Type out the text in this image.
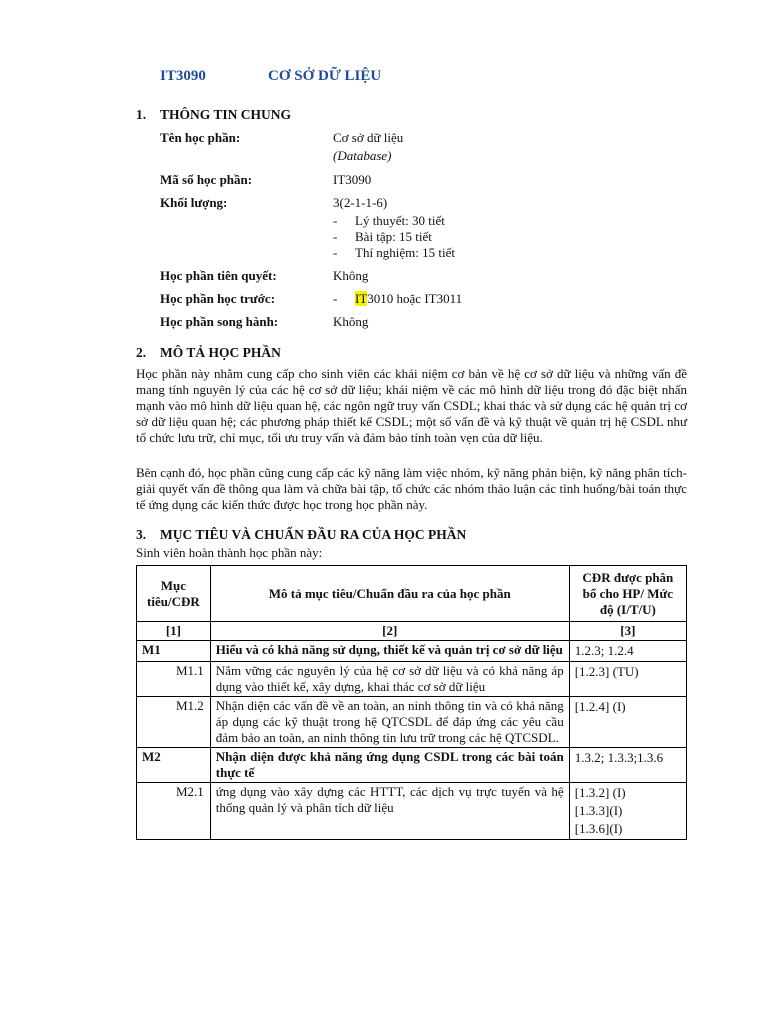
IT3090	CƠ SỞ DỮ LIỆU
1. THÔNG TIN CHUNG
Tên học phần:	Cơ sở dữ liệu
(Database)
Mã số học phần:	IT3090
Khối lượng:	3(2-1-1-6)
- Lý thuyết: 30 tiết
- Bài tập: 15 tiết
- Thí nghiệm: 15 tiết
Học phần tiên quyết:	Không
Học phần học trước:	- IT3010 hoặc IT3011
Học phần song hành:	Không
2. MÔ TẢ HỌC PHẦN
Học phần này nhằm cung cấp cho sinh viên các khái niệm cơ bản về hệ cơ sở dữ liệu và những vấn đề mang tính nguyên lý của các hệ cơ sở dữ liệu; khái niệm về các mô hình dữ liệu trong đó đặc biệt nhấn mạnh vào mô hình dữ liệu quan hệ, các ngôn ngữ truy vấn CSDL; khai thác và sử dụng các hệ quản trị cơ sở dữ liệu quan hệ; các phương pháp thiết kế CSDL; một số vấn đề và kỹ thuật về quản trị hệ CSDL như tổ chức lưu trữ, chỉ mục, tối ưu truy vấn và đảm bảo tính toàn vẹn của dữ liệu.
Bên cạnh đó, học phần cũng cung cấp các kỹ năng làm việc nhóm, kỹ năng phản biện, kỹ năng phân tích-giải quyết vấn đề thông qua làm và chữa bài tập, tổ chức các nhóm thảo luận các tình huống/bài toán thực tế ứng dụng các kiến thức được học trong học phần này.
3. MỤC TIÊU VÀ CHUẨN ĐẦU RA CỦA HỌC PHẦN
Sinh viên hoàn thành học phần này:
Mục tiêu/CĐR	Mô tả mục tiêu/Chuẩn đầu ra của học phần	CĐR được phân bổ cho HP/ Mức độ (I/T/U)
[1]	[2]	[3]
M1	Hiểu và có khả năng sử dụng, thiết kế và quản trị cơ sở dữ liệu	1.2.3; 1.2.4

M1.1	Nắm vững các nguyên lý của hệ cơ sở dữ liệu và có khả năng áp dụng vào thiết kế, xây dựng, khai thác cơ sở dữ liệu	[1.2.3] (TU)

M1.2	Nhận diện các vấn đề về an toàn, an ninh thông tin và có khả năng áp dụng các kỹ thuật trong hệ QTCSDL để đáp ứng các yêu cầu đảm bảo an toàn, an ninh thông tin lưu trữ trong các hệ QTCSDL.	[1.2.4] (I)

M2	Nhận diện được khả năng ứng dụng CSDL trong các bài toán thực tế	1.3.2; 1.3.3;1.3.6

M2.1	ứng dụng vào xây dựng các HTTT, các dịch vụ trực tuyến và hệ thống quản lý và phân tích dữ liệu	[1.3.2] (I)
[1.3.3](I)
[1.3.6](I)
